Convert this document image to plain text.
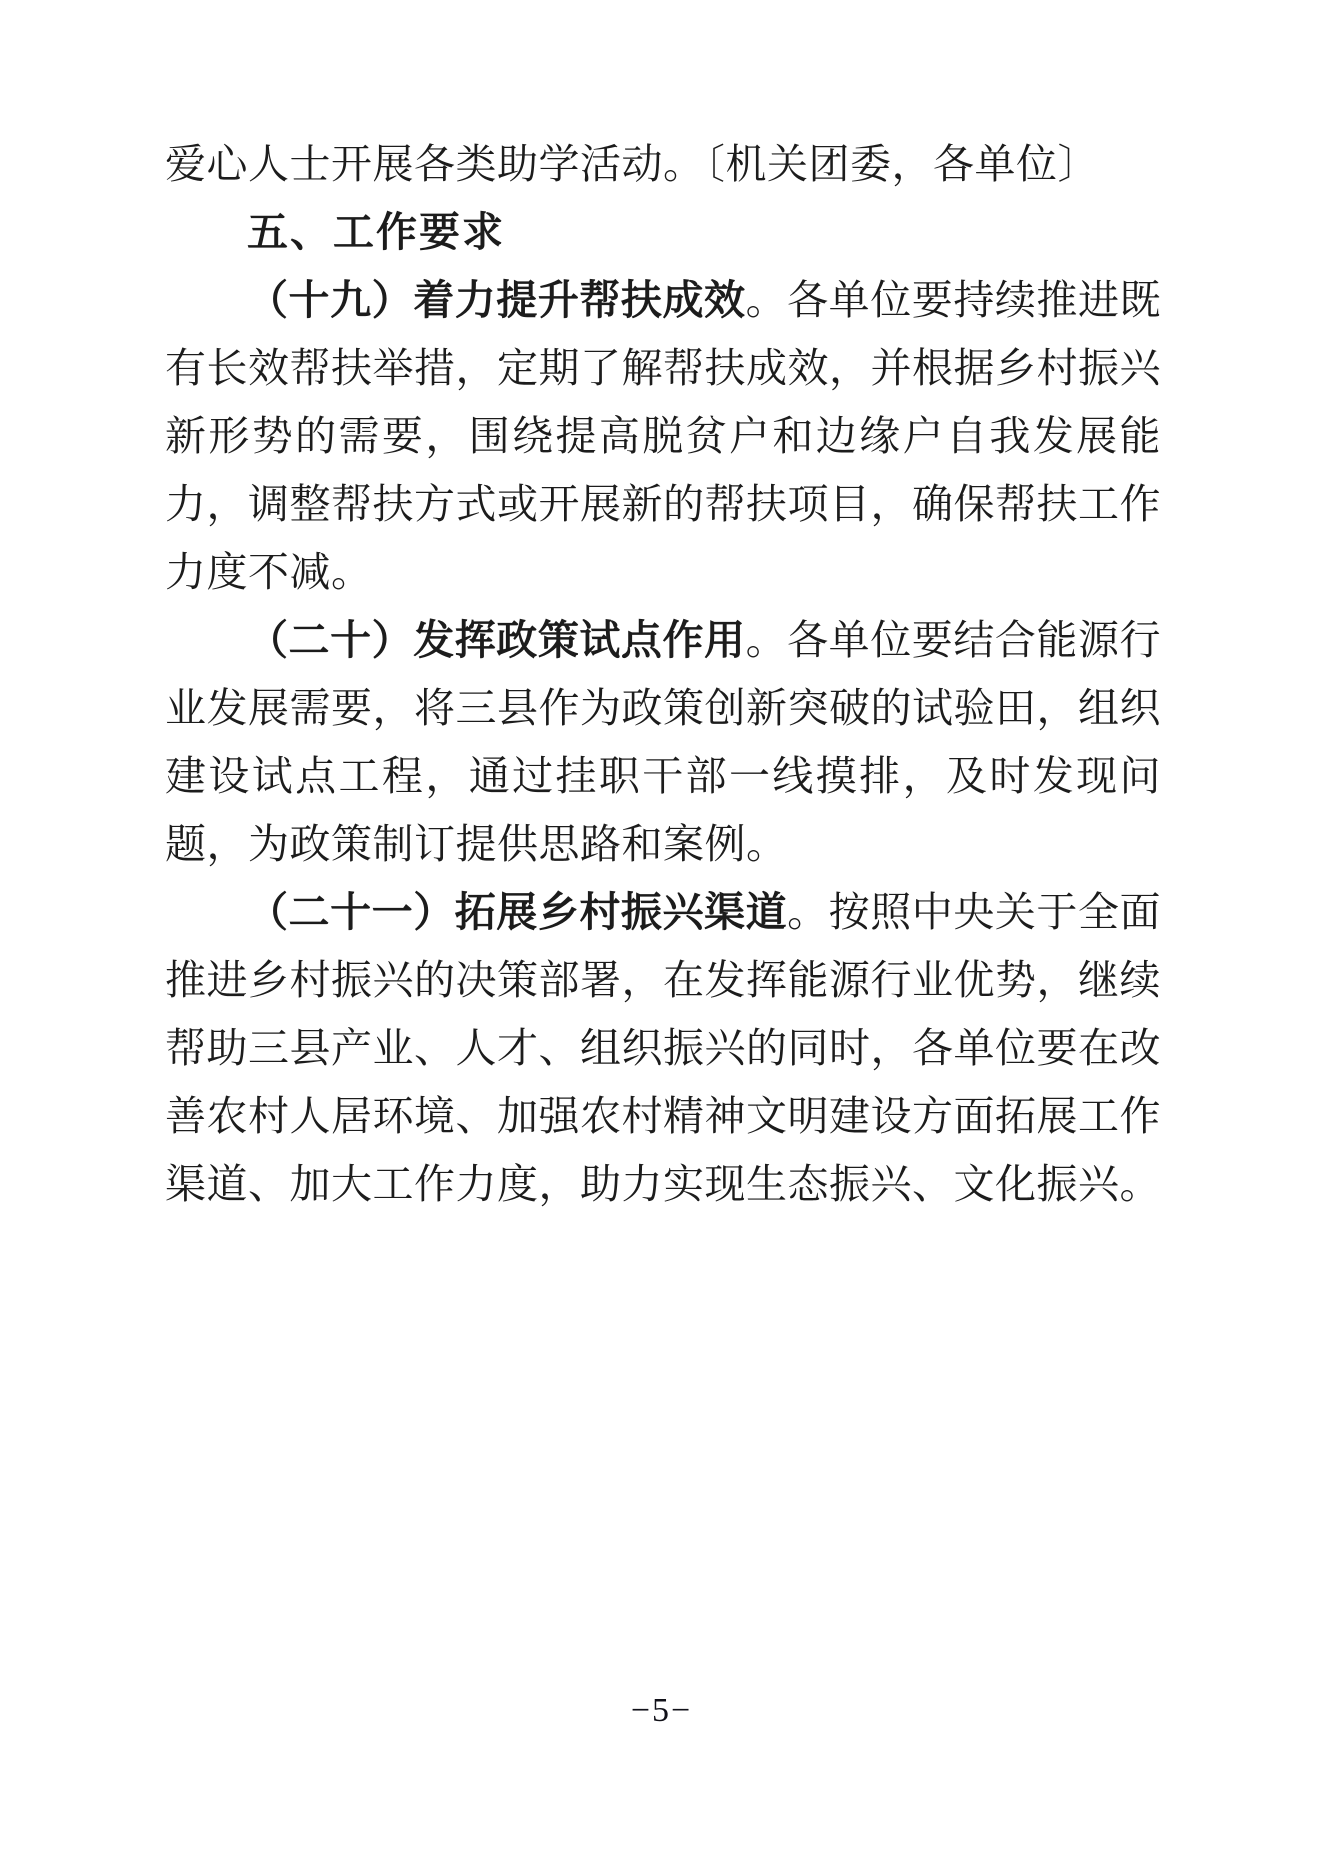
爱心人士开展各类助学活动。〔机关团委，各单位〕

五、工作要求

（十九）着力提升帮扶成效。各单位要持续推进既有长效帮扶举措，定期了解帮扶成效，并根据乡村振兴新形势的需要，围绕提高脱贫户和边缘户自我发展能力，调整帮扶方式或开展新的帮扶项目，确保帮扶工作力度不减。

（二十）发挥政策试点作用。各单位要结合能源行业发展需要，将三县作为政策创新突破的试验田，组织建设试点工程，通过挂职干部一线摸排，及时发现问题，为政策制订提供思路和案例。

（二十一）拓展乡村振兴渠道。按照中央关于全面推进乡村振兴的决策部署，在发挥能源行业优势，继续帮助三县产业、人才、组织振兴的同时，各单位要在改善农村人居环境、加强农村精神文明建设方面拓展工作渠道、加大工作力度，助力实现生态振兴、文化振兴。

−5−
